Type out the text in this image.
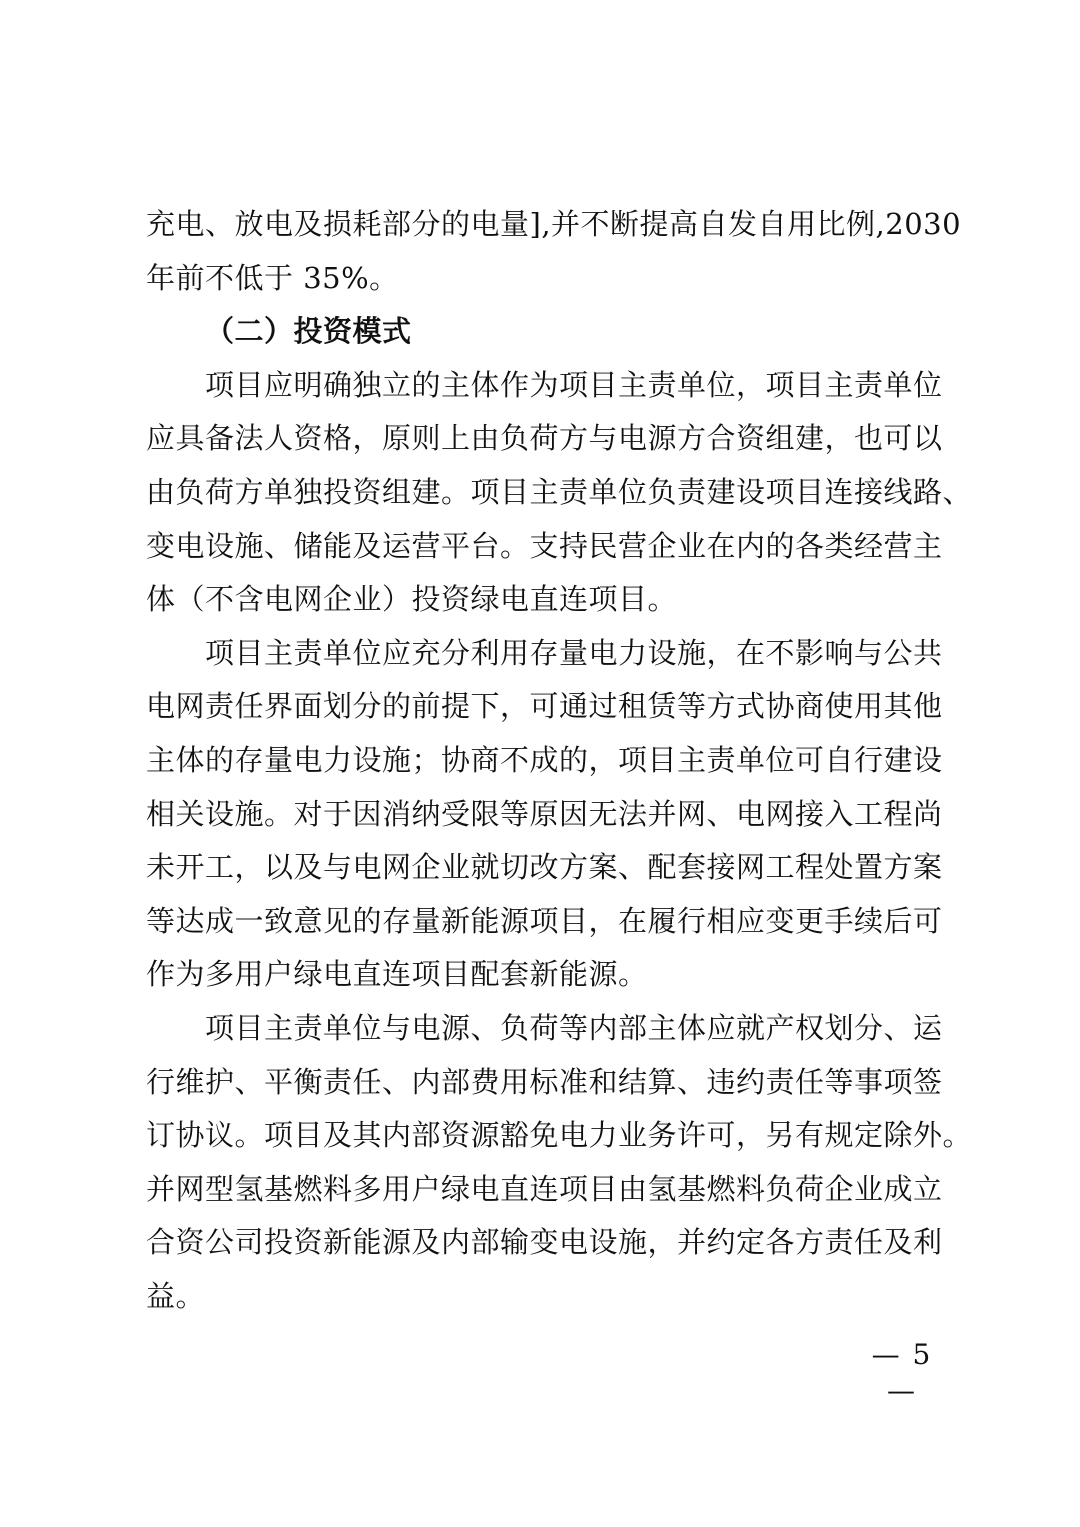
充电、放电及损耗部分的电量],并不断提高自发自用比例,2030
年前不低于 35%。
（二）投资模式
项目应明确独立的主体作为项目主责单位，项目主责单位
应具备法人资格，原则上由负荷方与电源方合资组建，也可以
由负荷方单独投资组建。项目主责单位负责建设项目连接线路、
变电设施、储能及运营平台。支持民营企业在内的各类经营主
体（不含电网企业）投资绿电直连项目。
项目主责单位应充分利用存量电力设施，在不影响与公共
电网责任界面划分的前提下，可通过租赁等方式协商使用其他
主体的存量电力设施；协商不成的，项目主责单位可自行建设
相关设施。对于因消纳受限等原因无法并网、电网接入工程尚
未开工，以及与电网企业就切改方案、配套接网工程处置方案
等达成一致意见的存量新能源项目，在履行相应变更手续后可
作为多用户绿电直连项目配套新能源。
项目主责单位与电源、负荷等内部主体应就产权划分、运
行维护、平衡责任、内部费用标准和结算、违约责任等事项签
订协议。项目及其内部资源豁免电力业务许可，另有规定除外。
并网型氢基燃料多用户绿电直连项目由氢基燃料负荷企业成立
合资公司投资新能源及内部输变电设施，并约定各方责任及利
益。
— 5 —
